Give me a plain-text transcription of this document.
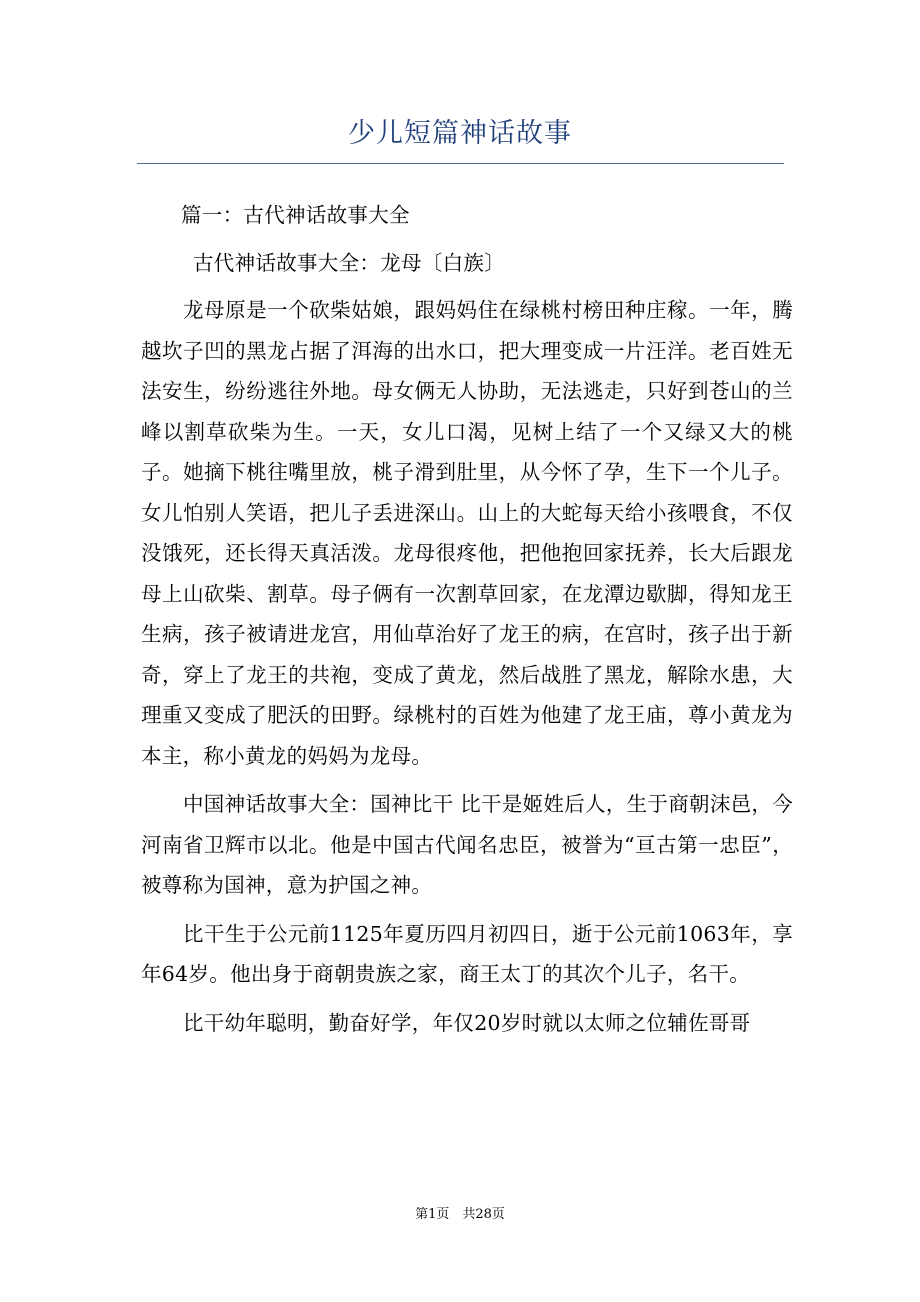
少儿短篇神话故事

篇一：古代神话故事大全

古代神话故事大全：龙母〔白族〕

龙母原是一个砍柴姑娘，跟妈妈住在绿桃村榜田种庄稼。一年，腾越坎子凹的黑龙占据了洱海的出水口，把大理变成一片汪洋。老百姓无法安生，纷纷逃往外地。母女俩无人协助，无法逃走，只好到苍山的兰峰以割草砍柴为生。一天，女儿口渴，见树上结了一个又绿又大的桃子。她摘下桃往嘴里放，桃子滑到肚里，从今怀了孕，生下一个儿子。女儿怕别人笑语，把儿子丢进深山。山上的大蛇每天给小孩喂食，不仅没饿死，还长得天真活泼。龙母很疼他，把他抱回家抚养，长大后跟龙母上山砍柴、割草。母子俩有一次割草回家，在龙潭边歇脚，得知龙王生病，孩子被请进龙宫，用仙草治好了龙王的病，在宫时，孩子出于新奇，穿上了龙王的共袍，变成了黄龙，然后战胜了黑龙，解除水患，大理重又变成了肥沃的田野。绿桃村的百姓为他建了龙王庙，尊小黄龙为本主，称小黄龙的妈妈为龙母。

中国神话故事大全：国神比干 比干是姬姓后人，生于商朝沫邑，今河南省卫辉市以北。他是中国古代闻名忠臣，被誉为“亘古第一忠臣”，被尊称为国神，意为护国之神。

比干生于公元前1125年夏历四月初四日，逝于公元前1063年，享年64岁。他出身于商朝贵族之家，商王太丁的其次个儿子，名干。

比干幼年聪明，勤奋好学，年仅20岁时就以太师之位辅佐哥哥

第1页　共28页
